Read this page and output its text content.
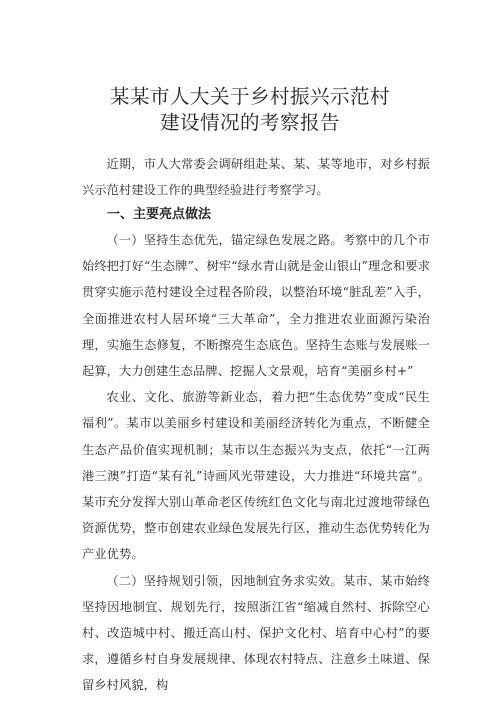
某某市人大关于乡村振兴示范村
建设情况的考察报告

近期，市人大常委会调研组赴某、某、某等地市，对乡村振兴示范村建设工作的典型经验进行考察学习。

一、主要亮点做法

（一）坚持生态优先，锚定绿色发展之路。考察中的几个市始终把打好“生态牌”、树牢“绿水青山就是金山银山”理念和要求贯穿实施示范村建设全过程各阶段，以整治环境“脏乱差”入手，全面推进农村人居环境“三大革命”，全力推进农业面源污染治理，实施生态修复，不断擦亮生态底色。坚持生态账与发展账一起算，大力创建生态品牌、挖掘人文景观，培育“美丽乡村+”

农业、文化、旅游等新业态，着力把“生态优势”变成“民生福利”。某市以美丽乡村建设和美丽经济转化为重点，不断健全生态产品价值实现机制；某市以生态振兴为支点，依托“一江两港三澳”打造“某有礼”诗画风光带建设，大力推进“环境共富”。某市充分发挥大别山革命老区传统红色文化与南北过渡地带绿色资源优势，整市创建农业绿色发展先行区，推动生态优势转化为产业优势。

（二）坚持规划引领，因地制宜务求实效。某市、某市始终坚持因地制宜、规划先行，按照浙江省“缩减自然村、拆除空心村、改造城中村、搬迁高山村、保护文化村、培育中心村”的要求，遵循乡村自身发展规律、体现农村特点、注意乡土味道、保留乡村风貌，构
